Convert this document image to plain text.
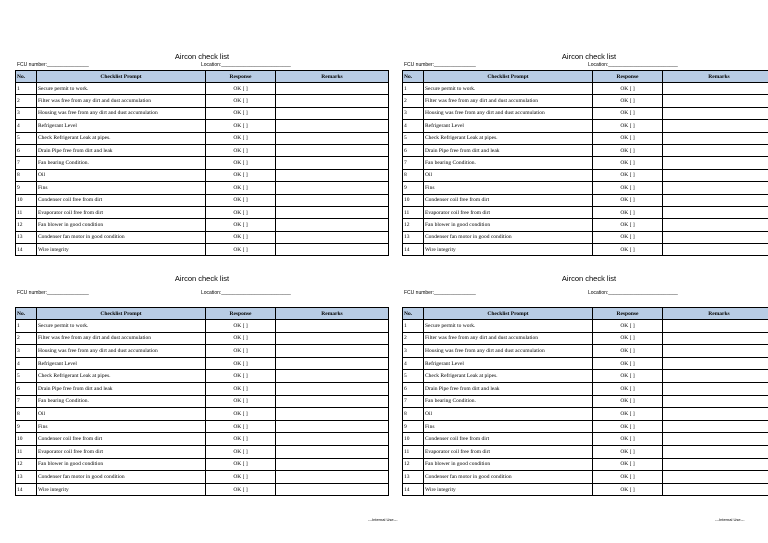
Aircon check list
FCU number:_______________	Location:_________________________
No.	Checklist Prompt	Response	Remarks
1	Secure permit to work.	OK [ ]	
2	Filter was free from any dirt and dust accumulation	OK [ ]	
3	Housing was free from any dirt and dust accumulation	OK [ ]	
4	Refrigerant Level	OK [ ]	
5	Check Refrigerant Leak at pipes.	OK [ ]	
6	Drain Pipe free from dirt and leak	OK [ ]	
7	Fan bearing Condition.	OK [ ]	
8	Oil	OK [ ]	
9	Fins	OK [ ]	
10	Condenser coil free from dirt	OK [ ]	
11	Evaporator coil free from dirt	OK [ ]	
12	Fan blower in good condition	OK [ ]	
13	Condenser fan motor in good condition	OK [ ]	
14	Wire integrity	OK [ ]	
Aircon check list
FCU number:_______________	Location:_________________________
No.	Checklist Prompt	Response	Remarks
1	Secure permit to work.	OK [ ]	
2	Filter was free from any dirt and dust accumulation	OK [ ]	
3	Housing was free from any dirt and dust accumulation	OK [ ]	
4	Refrigerant Level	OK [ ]	
5	Check Refrigerant Leak at pipes.	OK [ ]	
6	Drain Pipe free from dirt and leak	OK [ ]	
7	Fan bearing Condition.	OK [ ]	
8	Oil	OK [ ]	
9	Fins	OK [ ]	
10	Condenser coil free from dirt	OK [ ]	
11	Evaporator coil free from dirt	OK [ ]	
12	Fan blower in good condition	OK [ ]	
13	Condenser fan motor in good condition	OK [ ]	
14	Wire integrity	OK [ ]	
Aircon check list
FCU number:_______________	Location:_________________________
No.	Checklist Prompt	Response	Remarks
1	Secure permit to work.	OK [ ]	
2	Filter was free from any dirt and dust accumulation	OK [ ]	
3	Housing was free from any dirt and dust accumulation	OK [ ]	
4	Refrigerant Level	OK [ ]	
5	Check Refrigerant Leak at pipes.	OK [ ]	
6	Drain Pipe free from dirt and leak	OK [ ]	
7	Fan bearing Condition.	OK [ ]	
8	Oil	OK [ ]	
9	Fins	OK [ ]	
10	Condenser coil free from dirt	OK [ ]	
11	Evaporator coil free from dirt	OK [ ]	
12	Fan blower in good condition	OK [ ]	
13	Condenser fan motor in good condition	OK [ ]	
14	Wire integrity	OK [ ]	
Aircon check list
FCU number:_______________	Location:_________________________
No.	Checklist Prompt	Response	Remarks
1	Secure permit to work.	OK [ ]	
2	Filter was free from any dirt and dust accumulation	OK [ ]	
3	Housing was free from any dirt and dust accumulation	OK [ ]	
4	Refrigerant Level	OK [ ]	
5	Check Refrigerant Leak at pipes.	OK [ ]	
6	Drain Pipe free from dirt and leak	OK [ ]	
7	Fan bearing Condition.	OK [ ]	
8	Oil	OK [ ]	
9	Fins	OK [ ]	
10	Condenser coil free from dirt	OK [ ]	
11	Evaporator coil free from dirt	OK [ ]	
12	Fan blower in good condition	OK [ ]	
13	Condenser fan motor in good condition	OK [ ]	
14	Wire integrity	OK [ ]	
---Internal Use---	---Internal Use---
